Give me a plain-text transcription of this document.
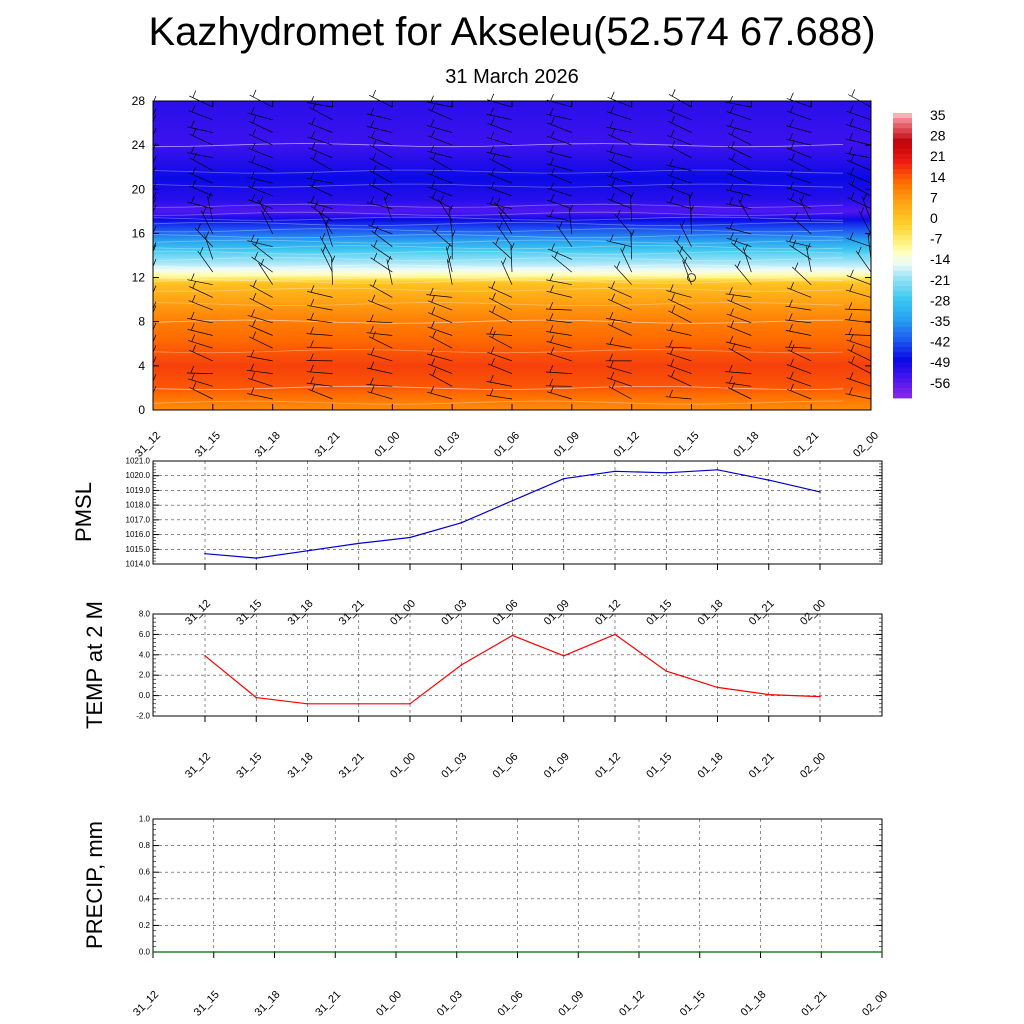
Kazhydromet for Akseleu(52.574 67.688)
31 March 2026
0
4
8
12
16
20
24
28
31_12	31_15	31_18	31_21	01_00	01_03	01_06	01_09	01_12	01_15	01_18	01_21	02_00
35
28
21
14
7
0
-7
-14
-21
-28
-35
-42
-49
-56
1014.0
1015.0
1016.0
1017.0
1018.0
1019.0
1020.0
1021.0
31_12 31_15 31_18 31_21 01_00 01_03 01_06 01_09 01_12 01_15 01_18 01_21 02_00
PMSL
-2.0
0.0
2.0
4.0
6.0
8.0
31_12 31_15 31_18 31_21 01_00 01_03 01_06 01_09 01_12 01_15 01_18 01_21 02_00
TEMP at 2 M
0.0
0.2
0.4
0.6
0.8
1.0
31_12	31_15	31_18	31_21	01_00	01_03	01_06	01_09	01_12	01_15	01_18	01_21	02_00
PRECIP, mm
